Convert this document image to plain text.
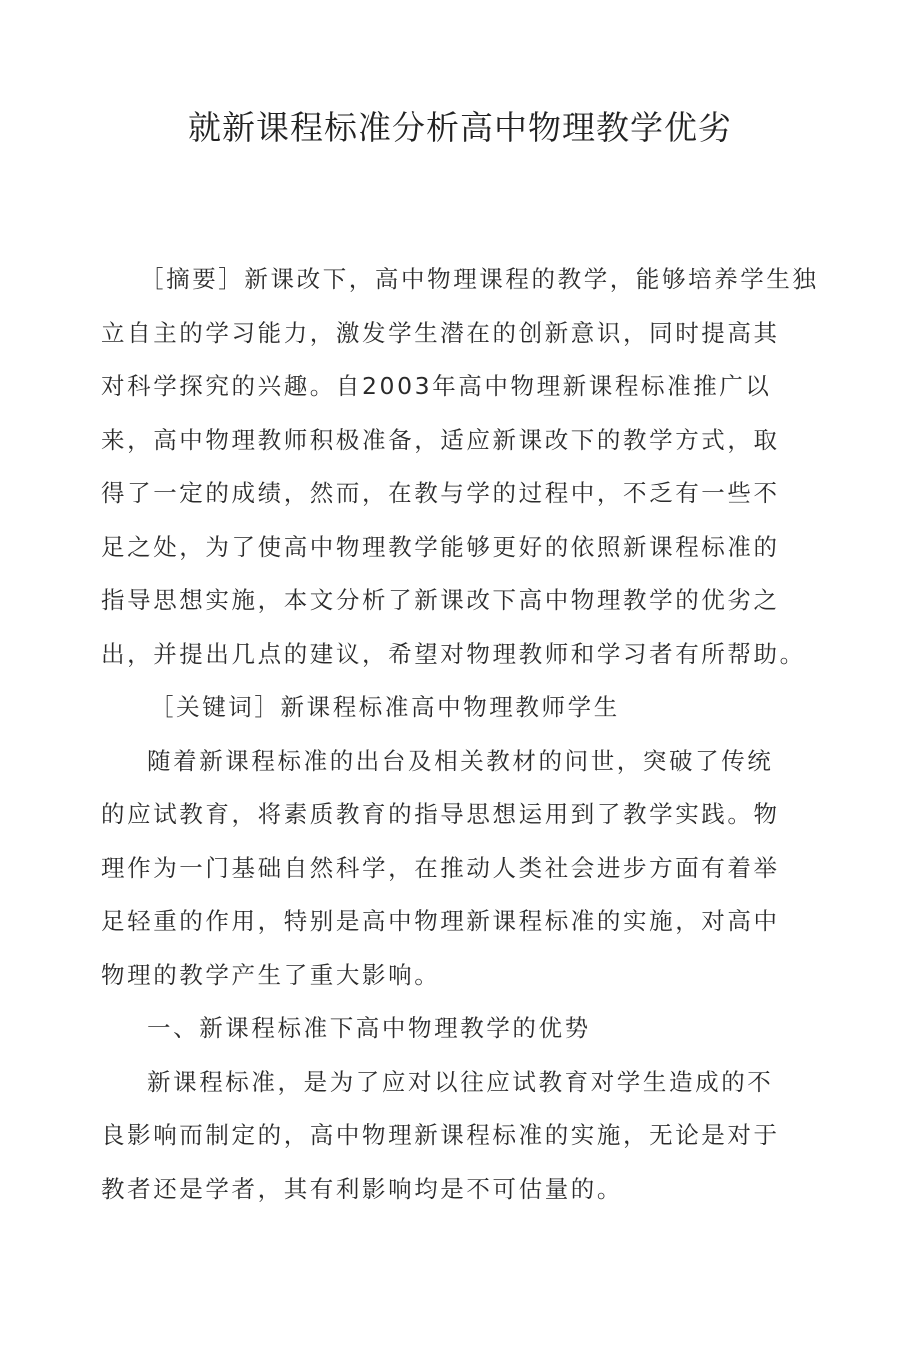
就新课程标准分析高中物理教学优劣
［摘要］新课改下，高中物理课程的教学，能够培养学生独
立自主的学习能力，激发学生潜在的创新意识，同时提高其
对科学探究的兴趣。自2003年高中物理新课程标准推广以
来，高中物理教师积极准备，适应新课改下的教学方式，取
得了一定的成绩，然而，在教与学的过程中，不乏有一些不
足之处，为了使高中物理教学能够更好的依照新课程标准的
指导思想实施，本文分析了新课改下高中物理教学的优劣之
出，并提出几点的建议，希望对物理教师和学习者有所帮助。
［关键词］新课程标准高中物理教师学生
随着新课程标准的出台及相关教材的问世，突破了传统
的应试教育，将素质教育的指导思想运用到了教学实践。物
理作为一门基础自然科学，在推动人类社会进步方面有着举
足轻重的作用，特别是高中物理新课程标准的实施，对高中
物理的教学产生了重大影响。
一、新课程标准下高中物理教学的优势
新课程标准，是为了应对以往应试教育对学生造成的不
良影响而制定的，高中物理新课程标准的实施，无论是对于
教者还是学者，其有利影响均是不可估量的。
